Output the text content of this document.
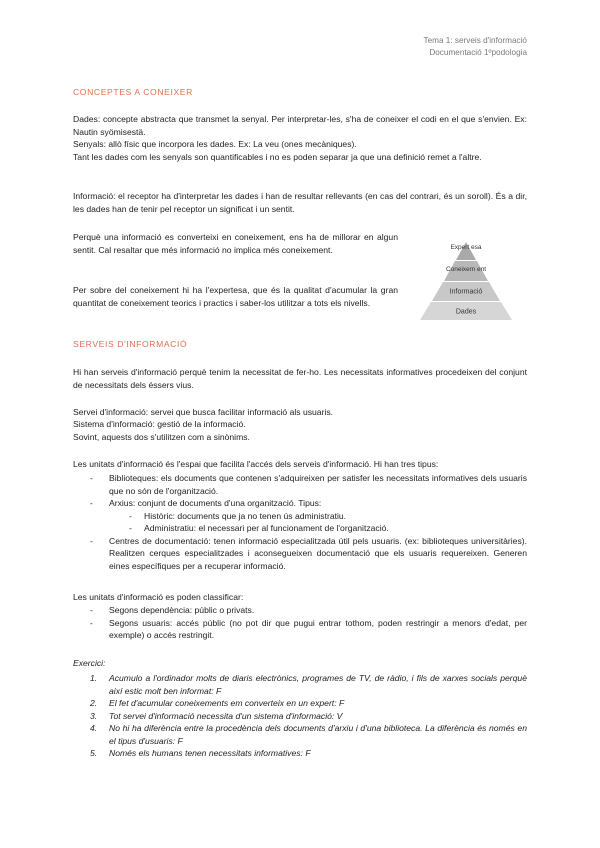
Tema 1: serveis d'informació
Documentació 1ºpodologia
CONCEPTES A CONEIXER

Dades: concepte abstracta que transmet la senyal. Per interpretar-les, s'ha de coneixer el codi en el que s'envien. Ex: Nautin syömisestä.

Senyals: allò físic que incorpora les dades. Ex: La veu (ones mecàniques).

Tant les dades com les senyals son quantificables i no es poden separar ja que una definició remet a l'altre.

Informació: el receptor ha d'interpretar les dades i han de resultar rellevants (en cas del contrari, és un soroll). És a dir, les dades han de tenir pel receptor un significat i un sentit.

Perquè una informació es converteixi en coneixement, ens ha de millorar en algun sentit. Cal resaltar que més informació no implica més coneixement.

Per sobre del coneixement hi ha l'expertesa, que és la qualitat d'acumular la gran quantitat de coneixement teorics i practics i saber-los utilitzar a tots els nivells.

Expert esa
Coneixem ent
Informació
Dades
SERVEIS D'INFORMACIÓ

Hi han serveis d'informació perquè tenim la necessitat de fer-ho. Les necessitats informatives procedeixen del conjunt de necessitats dels éssers vius.

Servei d'informació: servei que busca facilitar informació als usuaris.
Sistema d'informació: gestió de la informació.
Sovint, aquests dos s'utilitzen com a sinònims.

Les unitats d'informació és l'espai que facilita l'accés dels serveis d'informació. Hi han tres tipus:

- Biblioteques: els documents que contenen s'adquireixen per satisfer les necessitats informatives dels usuaris que no són de l'organització.
- Arxius: conjunt de documents d'una organització. Tipus:
- Històric: documents que ja no tenen ús administratiu.
- Administratiu: el necessari per al funcionament de l'organització.
- Centres de documentació: tenen informació especialitzada útil pels usuaris. (ex: biblioteques universitàries). Realitzen cerques especialitzades i aconsegueixen documentació que els usuaris requereixen. Generen eines específiques per a recuperar informació.
Les unitats d'informació es poden classificar:
- Segons dependència: públic o privats.
- Segons usuaris: accés públic (no pot dir que pugui entrar tothom, poden restringir a menors d'edat, per exemple) o accés restringit.
Exercici:
1. Acumulo a l'ordinador molts de diaris electrònics, programes de TV, de ràdio, i fils de xarxes socials perquè així estic molt ben informat: F
2. El fet d'acumular coneixements em converteix en un expert: F
3. Tot servei d'informació necessita d'un sistema d'informació: V
4. No hi ha diferència entre la procedència dels documents d'arxiu i d'una biblioteca. La diferència és només en el tipus d'usuaris: F
5. Només els humans tenen necessitats informatives: F
